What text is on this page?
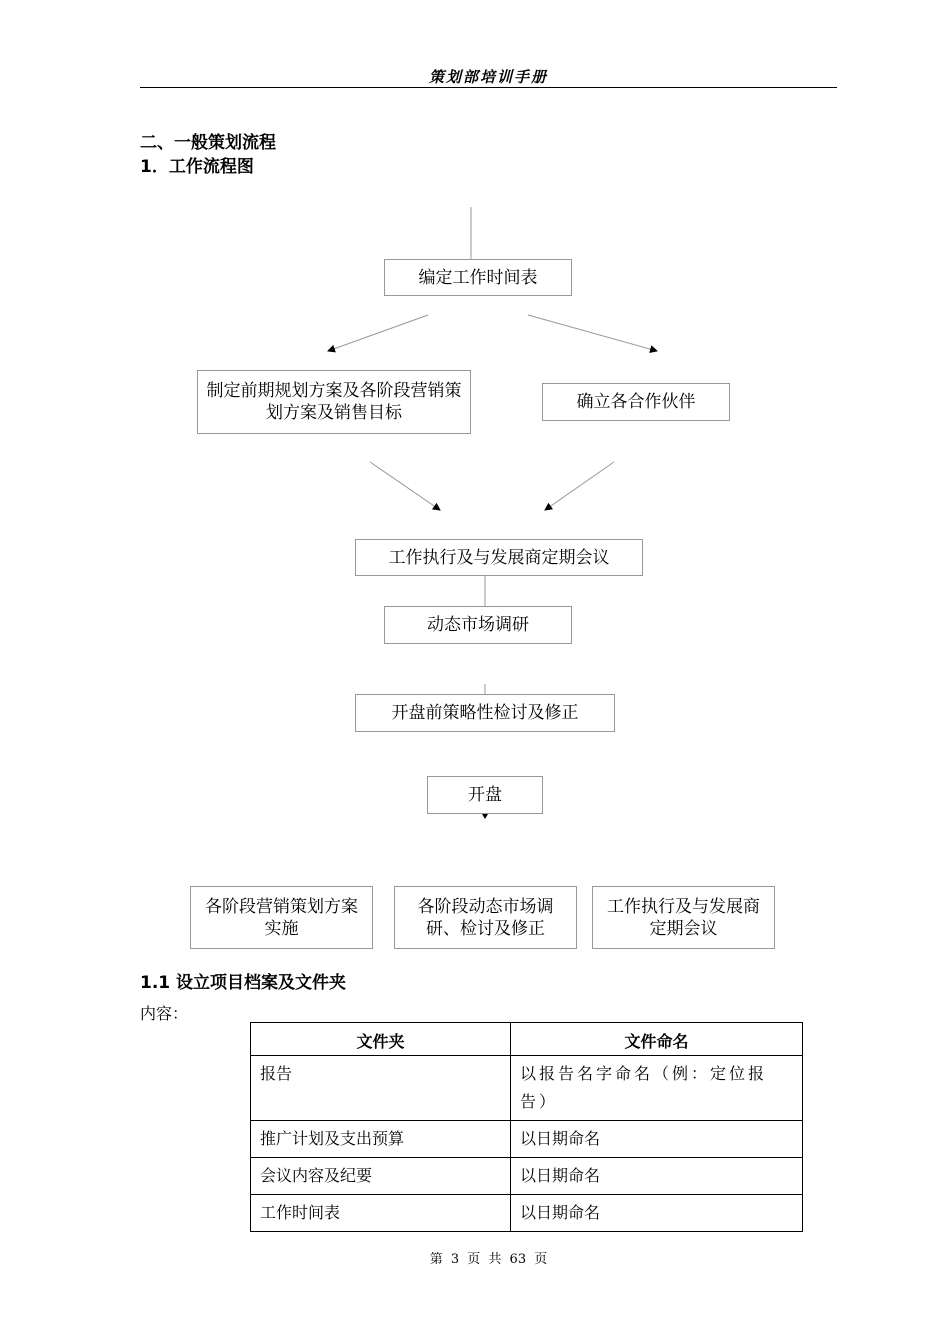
策划部培训手册
二、一般策划流程
1．工作流程图
编定工作时间表
制定前期规划方案及各阶段营销策划方案及销售目标
确立各合作伙伴
工作执行及与发展商定期会议
动态市场调研
开盘前策略性检讨及修正
开盘
各阶段营销策划方案实施
各阶段动态市场调研、检讨及修正
工作执行及与发展商定期会议
1.1 设立项目档案及文件夹
内容：
文件夹	文件命名
报告	以报告名字命名（例：定位报告）
推广计划及支出预算	以日期命名
会议内容及纪要	以日期命名
工作时间表	以日期命名
第 3 页 共 63 页
